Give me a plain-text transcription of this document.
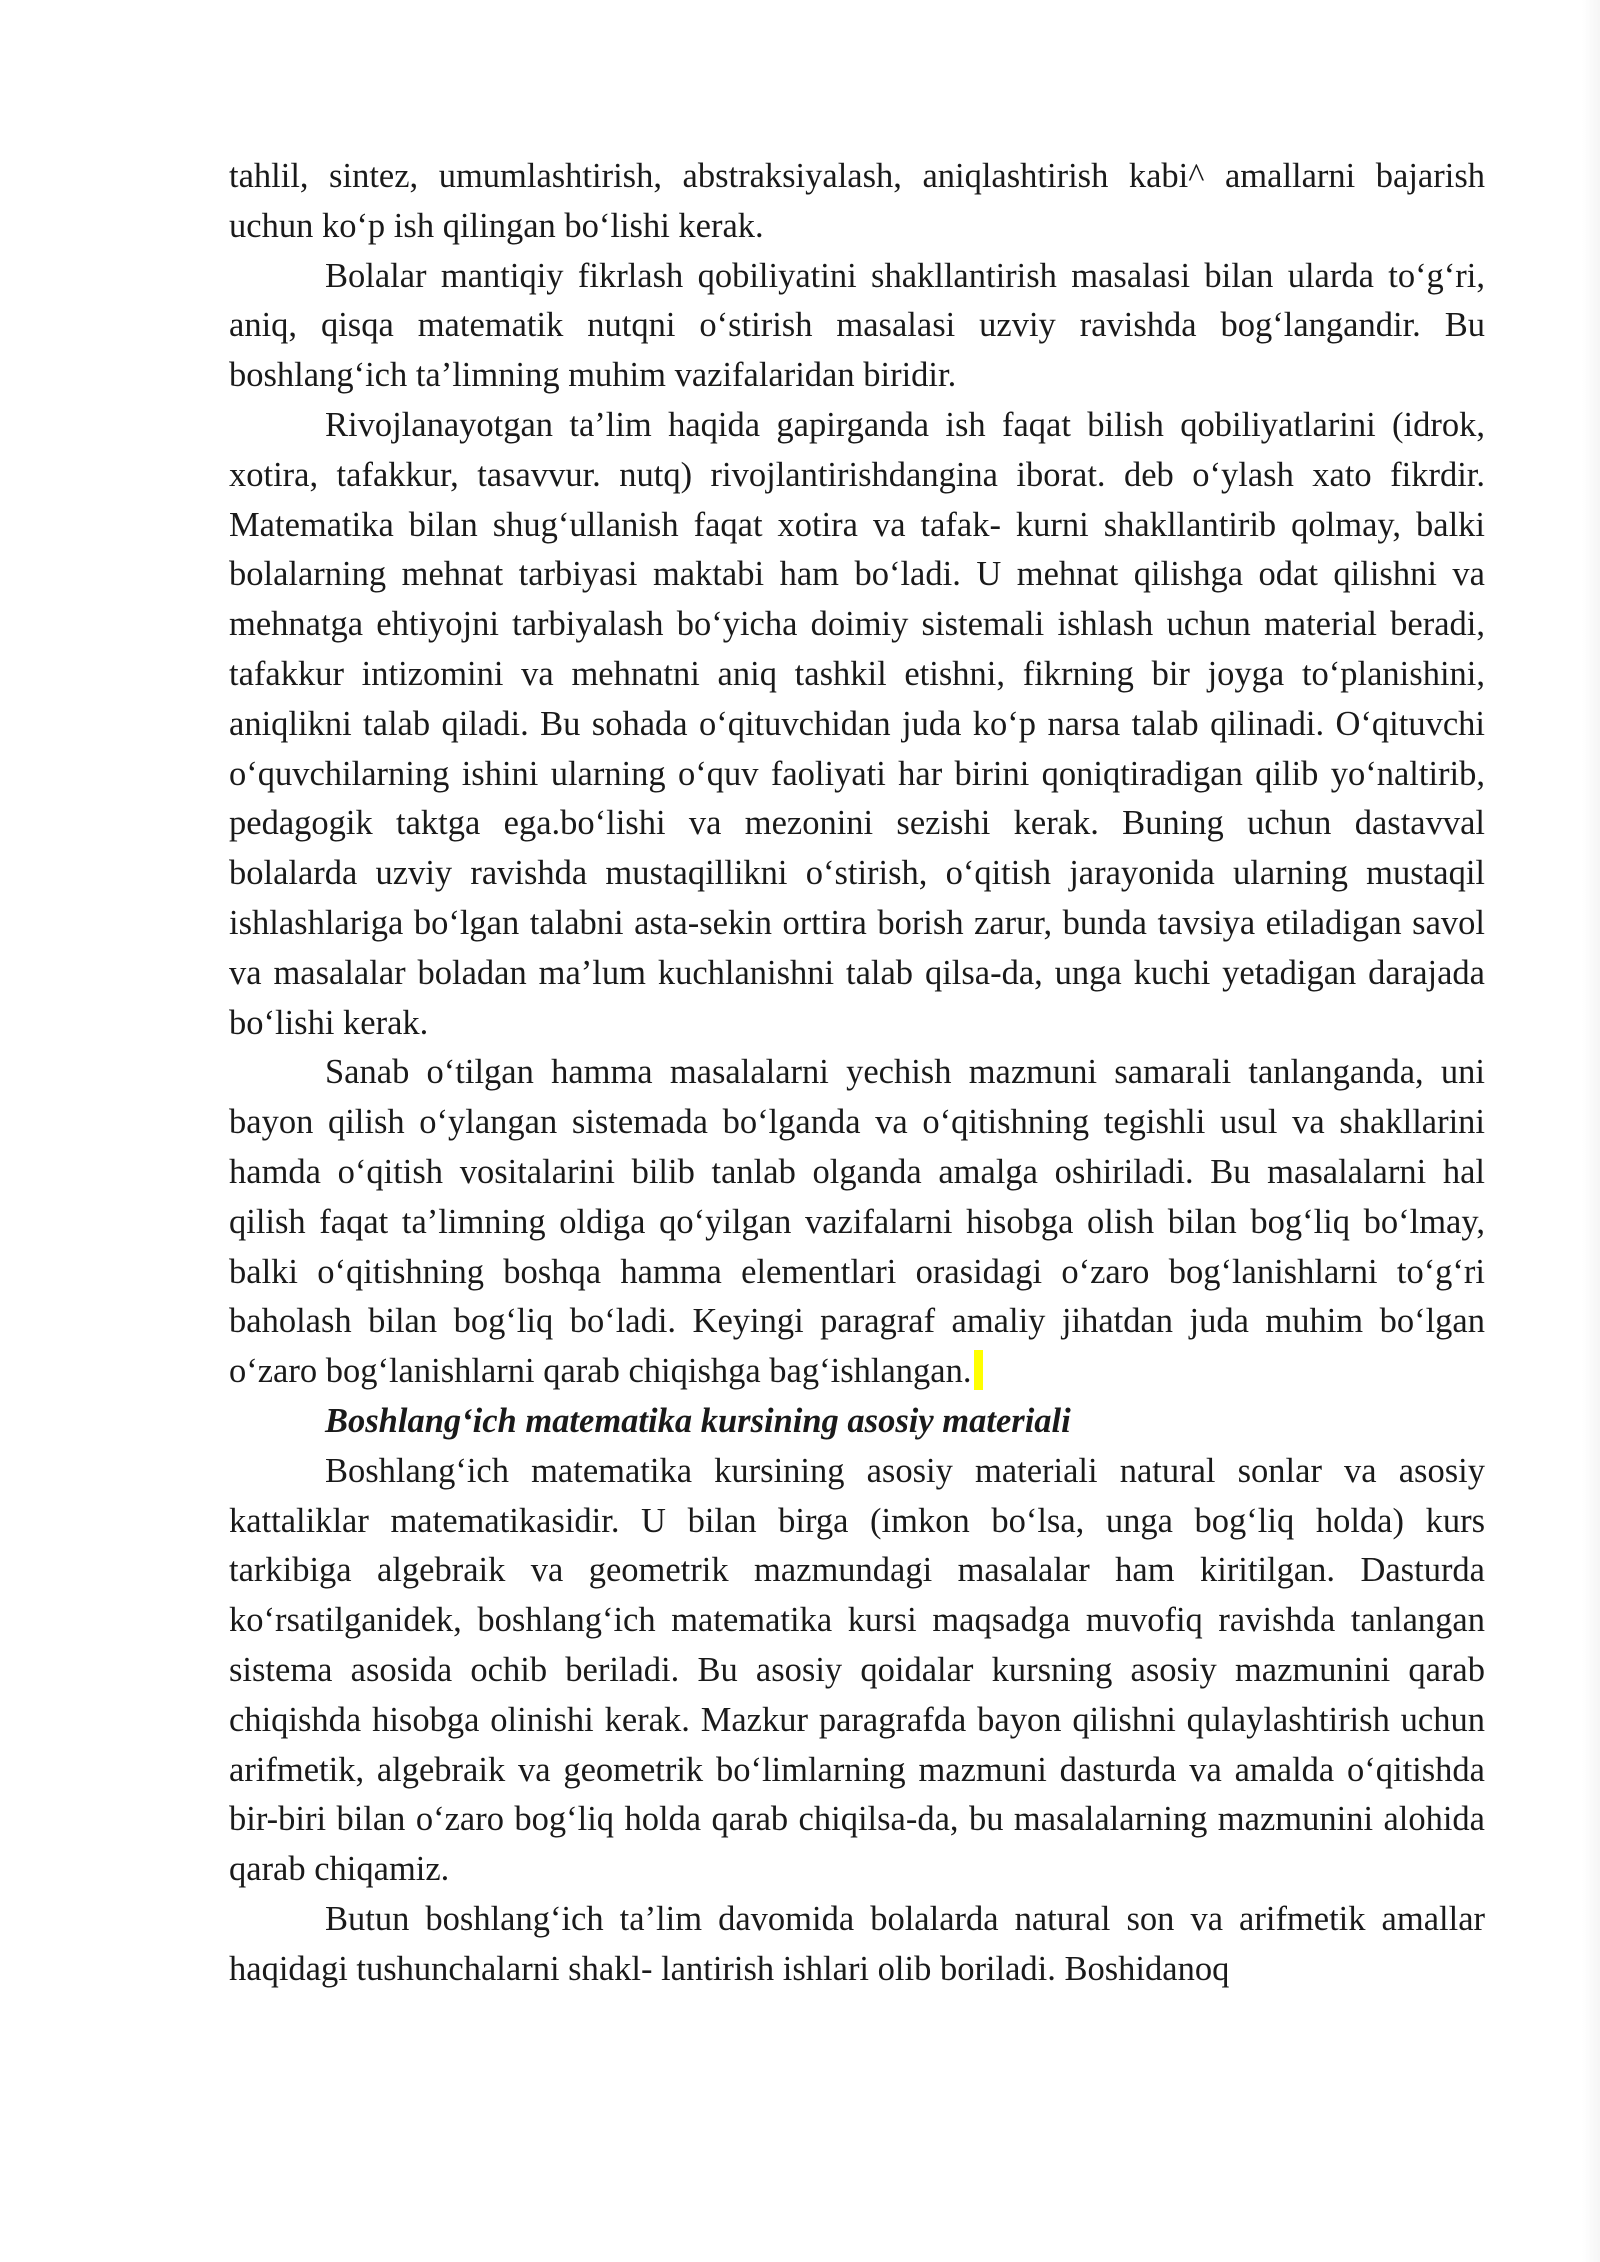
tahlil, sintez, umumlashtirish, abstraksiyalash, aniqlashtirish kabi^ amallarni bajarish uchun ko‘p ish qilingan bo‘lishi kerak.

Bolalar mantiqiy fikrlash qobiliyatini shakllantirish masalasi bilan ularda to‘g‘ri, aniq, qisqa matematik nutqni o‘stirish masalasi uzviy ravishda bog‘langandir. Bu boshlang‘ich ta’limning muhim vazifalaridan biridir.

Rivojlanayotgan ta’lim haqida gapirganda ish faqat bilish qobiliyatlarini (idrok, xotira, tafakkur, tasavvur. nutq) rivojlantirishdangina iborat. deb o‘ylash xato fikrdir. Matematika bilan shug‘ullanish faqat xotira va tafak- kurni shakllantirib qolmay, balki bolalarning mehnat tarbiyasi maktabi ham bo‘ladi. U mehnat qilishga odat qilishni va mehnatga ehtiyojni tarbiyalash bo‘yicha doimiy sistemali ishlash uchun material beradi, tafakkur intizomini va mehnatni aniq tashkil etishni, fikrning bir joyga to‘planishini, aniqlikni talab qiladi. Bu sohada o‘qituvchidan juda ko‘p narsa talab qilinadi. O‘qituvchi o‘quvchilarning ishini ularning o‘quv faoliyati har birini qoniqtiradigan qilib yo‘naltirib, pedagogik taktga ega.bo‘lishi va mezonini sezishi kerak. Buning uchun dastavval bolalarda uzviy ravishda mustaqillikni o‘stirish, o‘qitish jarayonida ularning mustaqil ishlashlariga bo‘lgan talabni asta-sekin orttira borish zarur, bunda tavsiya etiladigan savol va masalalar boladan ma’lum kuchlanishni talab qilsa-da, unga kuchi yetadigan darajada bo‘lishi kerak.

Sanab o‘tilgan hamma masalalarni yechish mazmuni samarali tanlanganda, uni bayon qilish o‘ylangan sistemada bo‘lganda va o‘qitishning tegishli usul va shakllarini hamda o‘qitish vositalarini bilib tanlab olganda amalga oshiriladi. Bu masalalarni hal qilish faqat ta’limning oldiga qo‘yilgan vazifalarni hisobga olish bilan bog‘liq bo‘lmay, balki o‘qitishning boshqa hamma elementlari orasidagi o‘zaro bog‘lanishlarni to‘g‘ri baholash bilan bog‘liq bo‘ladi. Keyingi paragraf amaliy jihatdan juda muhim bo‘lgan o‘zaro bog‘lanishlarni qarab chiqishga bag‘ishlangan.

Boshlang‘ich matematika kursining asosiy materiali

Boshlang‘ich matematika kursining asosiy materiali natural sonlar va asosiy kattaliklar matematikasidir. U bilan birga (imkon bo‘lsa, unga bog‘liq holda) kurs tarkibiga algebraik va geometrik mazmundagi masalalar ham kiritilgan. Dasturda ko‘rsatilganidek, boshlang‘ich matematika kursi maqsadga muvofiq ravishda tanlangan sistema asosida ochib beriladi. Bu asosiy qoidalar kursning asosiy mazmunini qarab chiqishda hisobga olinishi kerak. Mazkur paragrafda bayon qilishni qulaylashtirish uchun arifmetik, algebraik va geometrik bo‘limlarning mazmuni dasturda va amalda o‘qitishda bir-biri bilan o‘zaro bog‘liq holda qarab chiqilsa-da, bu masalalarning mazmunini alohida qarab chiqamiz.

Butun boshlang‘ich ta’lim davomida bolalarda natural son va arifmetik amallar haqidagi tushunchalarni shakl- lantirish ishlari olib boriladi. Boshidanoq
